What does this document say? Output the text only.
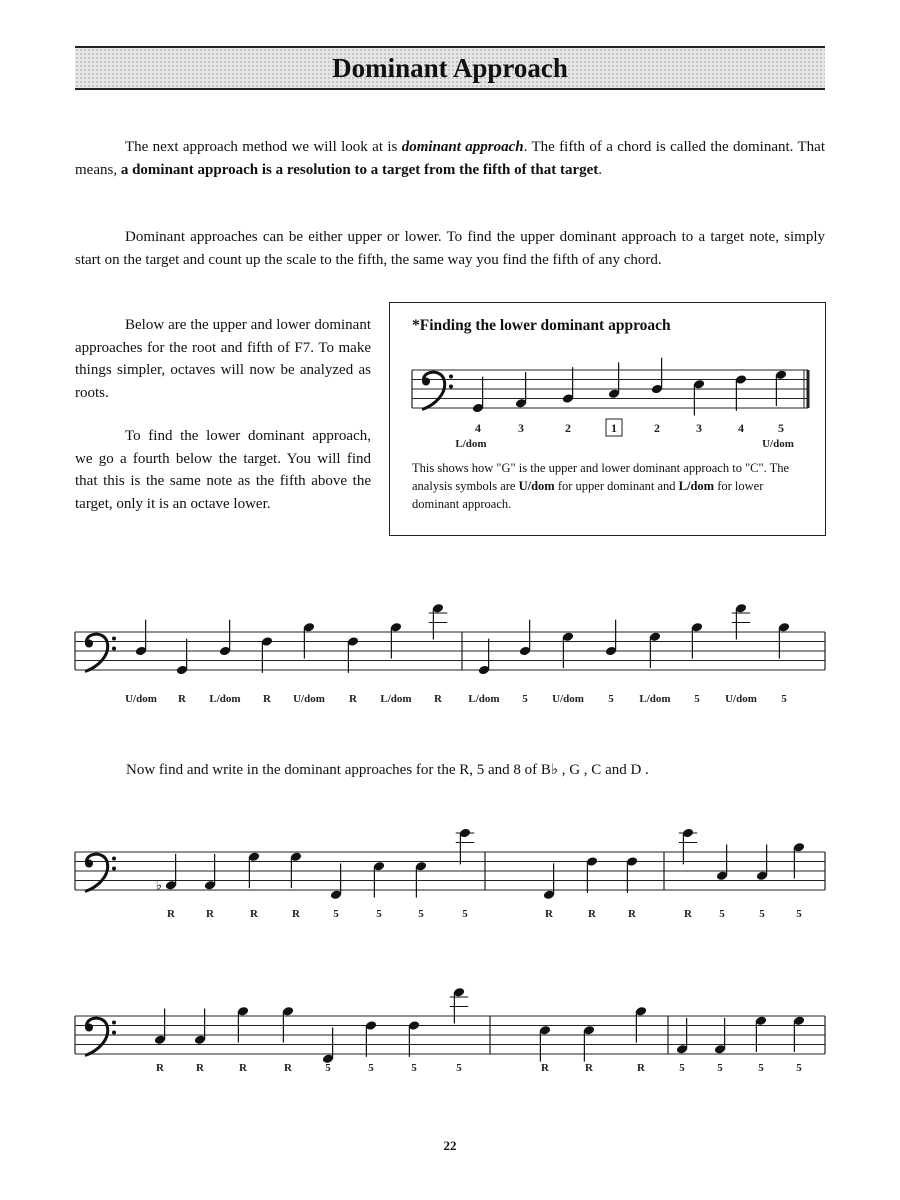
Dominant Approach

The next approach method we will look at is dominant approach. The fifth of a chord is called the dominant. That means, a dominant approach is a resolution to a target from the fifth of that target.

Dominant approaches can be either upper or lower. To find the upper dominant approach to a target note, simply start on the target and count up the scale to the fifth, the same way you find the fifth of any chord.

Below are the upper and lower dominant approaches for the root and fifth of F7. To make things simpler, octaves will now be analyzed as roots.

To find the lower dominant approach, we go a fourth below the target. You will find that this is the same note as the fifth above the target, only it is an octave lower.

*Finding the lower dominant approach

This shows how "G" is the upper and lower dominant approach to "C". The analysis symbols are U/dom for upper dominant and L/dom for lower dominant approach.

U/dom R L/dom R U/dom R L/dom R L/dom 5 U/dom 5 L/dom 5 U/dom 5
♭
R	R	R	R	5	5	5	5	R	R	R	R 5	5	5
R	R	R	R	5	5	5	5	R	R	R	5	5	5	5
4	3	2	1	2	3	4	5
L/dom	U/dom

Now find and write in the dominant approaches for the R, 5 and 8 of B♭ , G , C and D .

22
